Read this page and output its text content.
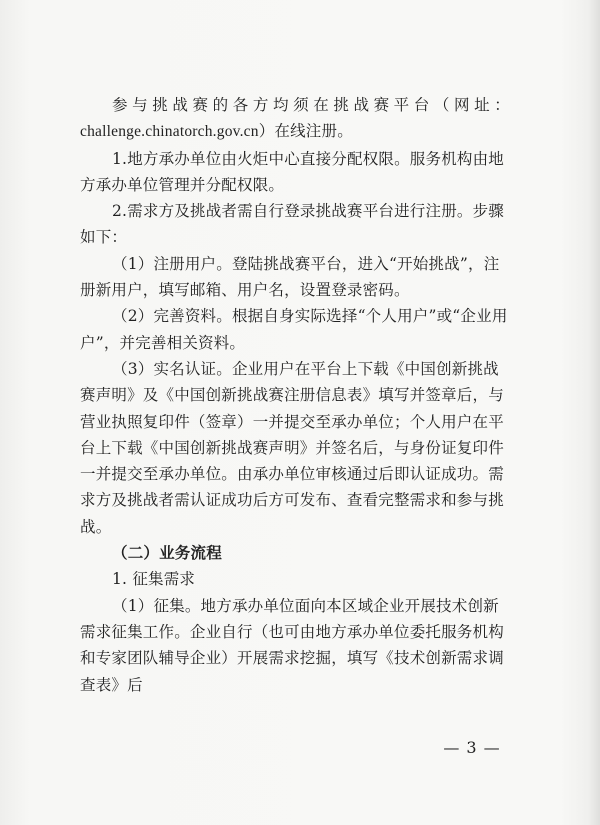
参与挑战赛的各方均须在挑战赛平台（网址：

challenge.chinatorch.gov.cn）在线注册。

1.地方承办单位由火炬中心直接分配权限。服务机构由地方承办单位管理并分配权限。

2.需求方及挑战者需自行登录挑战赛平台进行注册。步骤如下：

（1）注册用户。登陆挑战赛平台，进入“开始挑战”，注册新用户，填写邮箱、用户名，设置登录密码。

（2）完善资料。根据自身实际选择“个人用户”或“企业用户”，并完善相关资料。

（3）实名认证。企业用户在平台上下载《中国创新挑战赛声明》及《中国创新挑战赛注册信息表》填写并签章后，与营业执照复印件（签章）一并提交至承办单位；个人用户在平台上下载《中国创新挑战赛声明》并签名后，与身份证复印件一并提交至承办单位。由承办单位审核通过后即认证成功。需求方及挑战者需认证成功后方可发布、查看完整需求和参与挑战。

（二）业务流程

1. 征集需求

（1）征集。地方承办单位面向本区域企业开展技术创新需求征集工作。企业自行（也可由地方承办单位委托服务机构和专家团队辅导企业）开展需求挖掘，填写《技术创新需求调查表》后

— 3 —
